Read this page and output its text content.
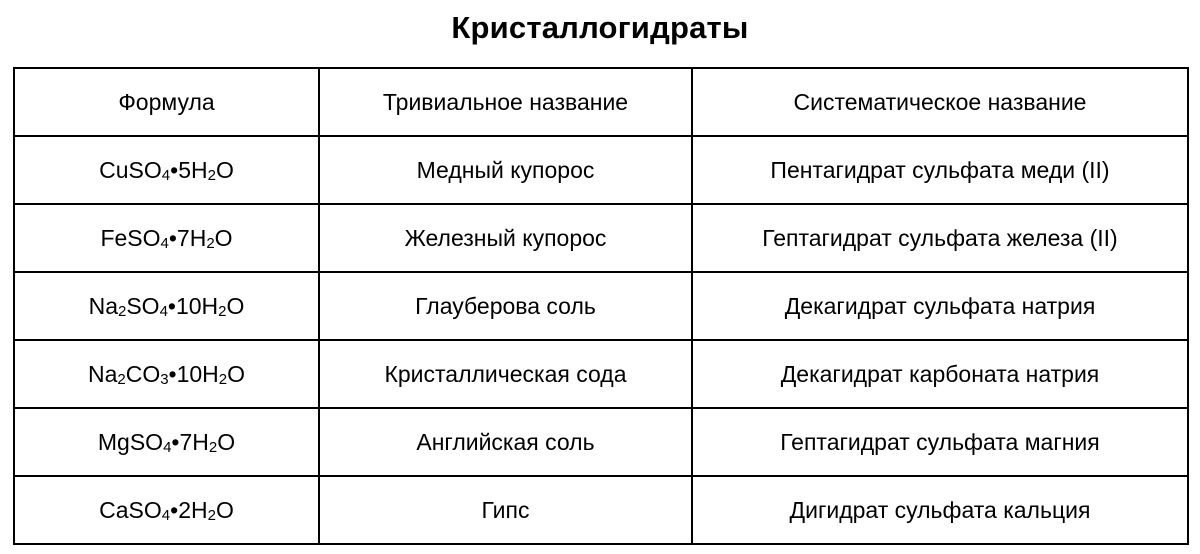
Кристаллогидраты
Формула	Тривиальное название	Систематическое название
$CuSO_4•5H_2O$	Медный купорос	Пентагидрат сульфата меди (II)
$FeSO_4•7H_2O$	Железный купорос	Гептагидрат сульфата железа (II)
$Na_2SO_4•10H_2O$	Глауберова соль	Декагидрат сульфата натрия
$Na_2CO_3•10H_2O$	Кристаллическая сода	Декагидрат карбоната натрия
$MgSO_4•7H_2O$	Английская соль	Гептагидрат сульфата магния
$CaSO_4•2H_2O$	Гипс	Дигидрат сульфата кальция
